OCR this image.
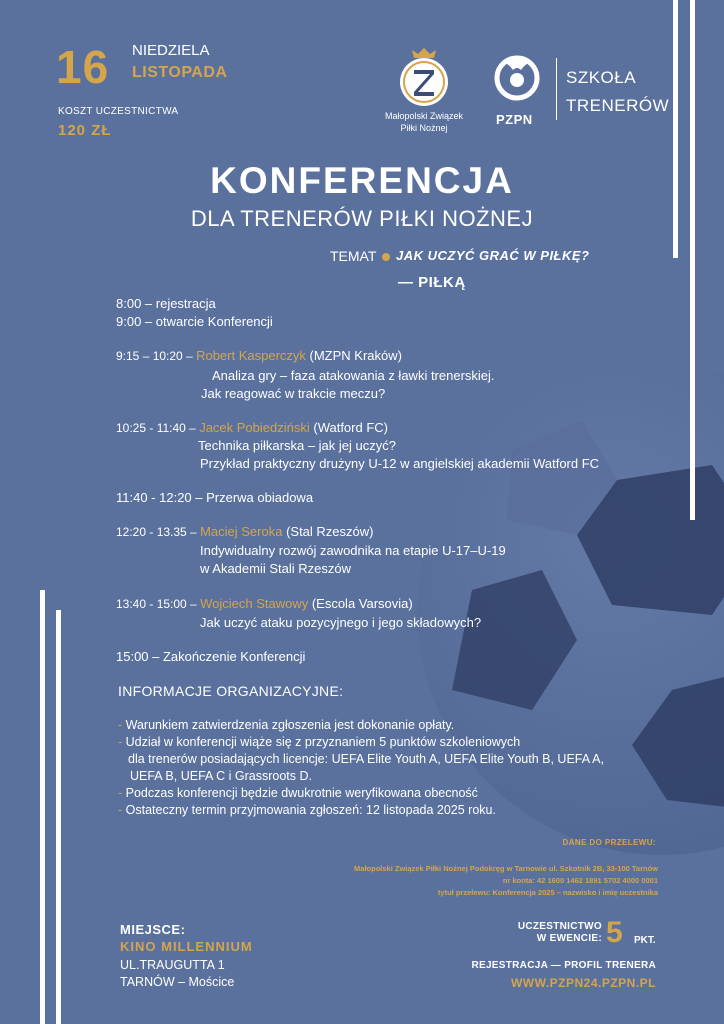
16 NIEDZIELA
LISTOPADA
KOSZT UCZESTNICTWA
120 ZŁ
Małopolski Związek
Piłki Nożnej
PZPN
SZKOŁA
TRENERÓW
KONFERENCJA
DLA TRENERÓW PIŁKI NOŻNEJ
TEMAT JAK UCZYĆ GRAĆ W PIŁKĘ?
— PIŁKĄ
8:00 – rejestracja
9:00 – otwarcie Konferencji
9:15 – 10:20 – Robert Kasperczyk (MZPN Kraków)
Analiza gry – faza atakowania z ławki trenerskiej.
Jak reagować w trakcie meczu?
10:25 - 11:40 – Jacek Pobiedziński (Watford FC)
Technika piłkarska – jak jej uczyć?
Przykład praktyczny drużyny U-12 w angielskiej akademii Watford FC
11:40 - 12:20 – Przerwa obiadowa
12:20 - 13.35 – Maciej Seroka (Stal Rzeszów)
Indywidualny rozwój zawodnika na etapie U-17–U-19
w Akademii Stali Rzeszów
13:40 - 15:00 – Wojciech Stawowy (Escola Varsovia)
Jak uczyć ataku pozycyjnego i jego składowych?
15:00 – Zakończenie Konferencji
INFORMACJE ORGANIZACYJNE:
- Warunkiem zatwierdzenia zgłoszenia jest dokonanie opłaty.
- Udział w konferencji wiąże się z przyznaniem 5 punktów szkoleniowych
dla trenerów posiadających licencje: UEFA Elite Youth A, UEFA Elite Youth B, UEFA A,
UEFA B, UEFA C i Grassroots D.
- Podczas konferencji będzie dwukrotnie weryfikowana obecność
- Ostateczny termin przyjmowania zgłoszeń: 12 listopada 2025 roku.
DANE DO PRZELEWU:
Małopolski Związek Piłki Nożnej Podokręg w Tarnowie ul. Szkotnik 2B, 33-100 Tarnów
nr konta: 42 1600 1462 1891 5702 4000 0001
tytuł przelewu: Konferencja 2025 – nazwisko i imię uczestnika
MIEJSCE:
KINO MILLENNIUM
UL.TRAUGUTTA 1
TARNÓW – Mościce
UCZESTNICTWO
W EWENCIE: 5 PKT.
REJESTRACJA — PROFIL TRENERA
WWW.PZPN24.PZPN.PL
